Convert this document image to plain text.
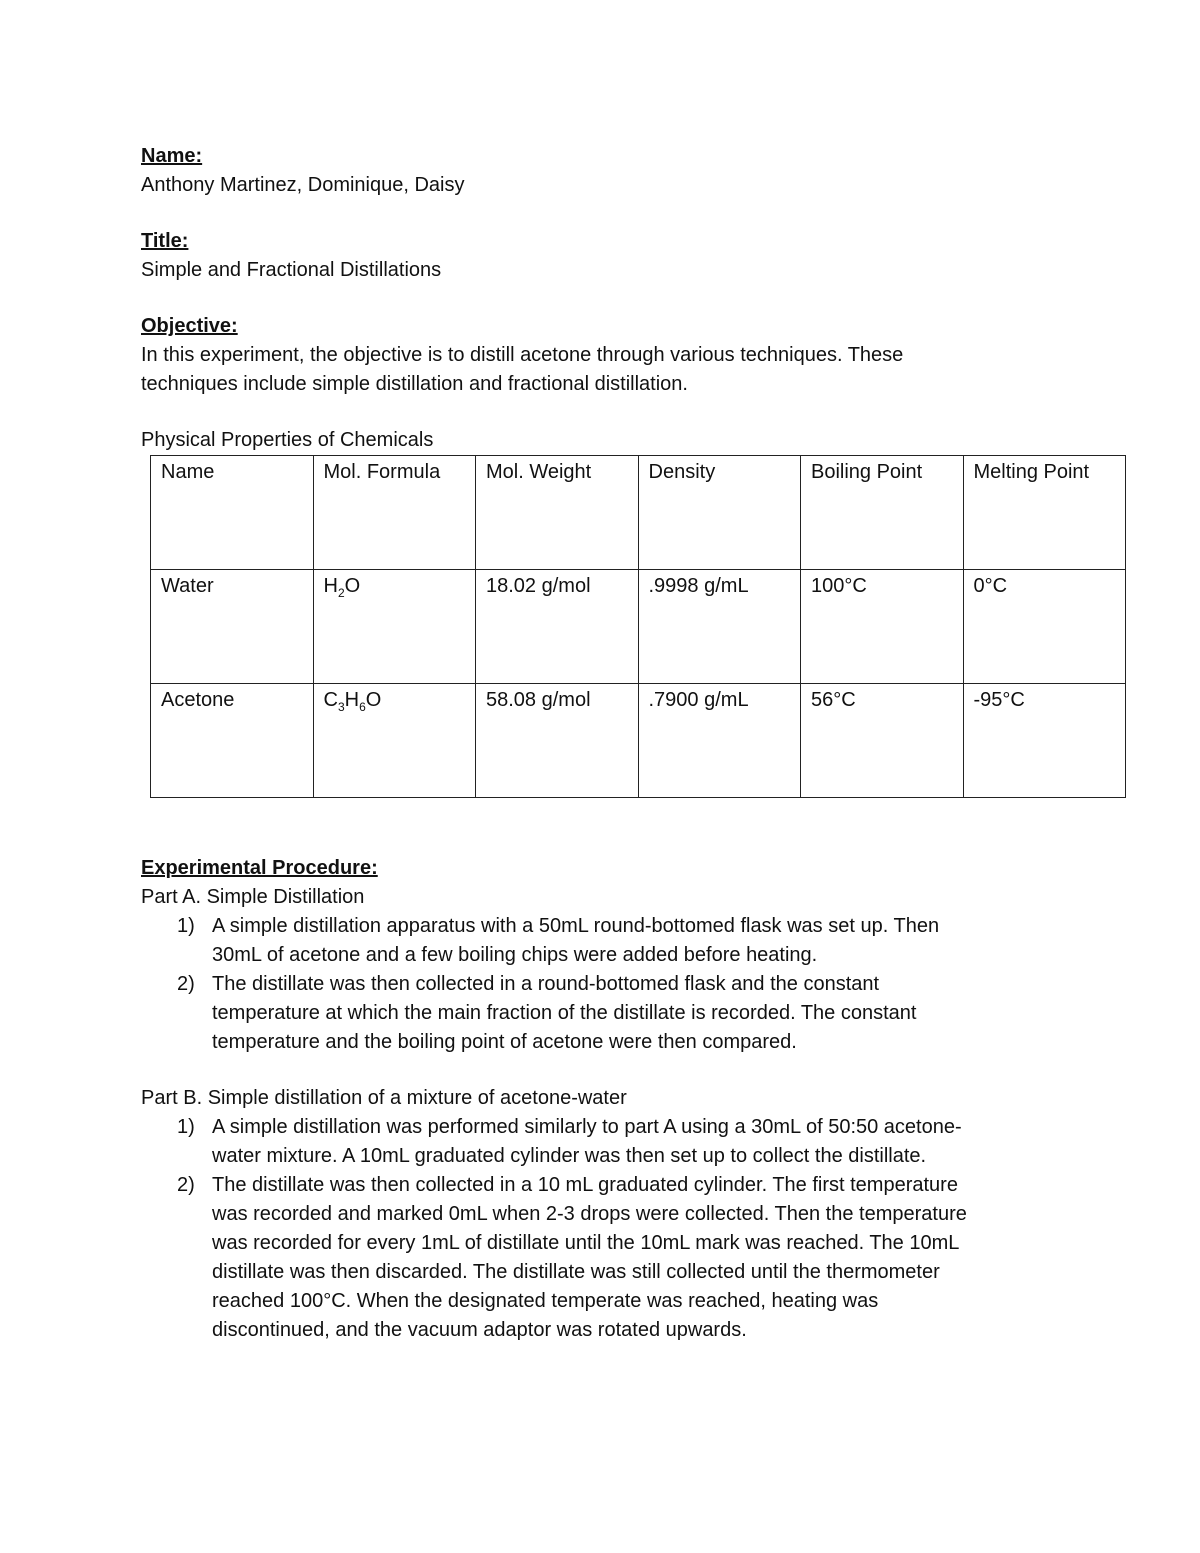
Name:
Anthony Martinez, Dominique, Daisy
Title:
Simple and Fractional Distillations
Objective:
In this experiment, the objective is to distill acetone through various techniques. These
techniques include simple distillation and fractional distillation.
Physical Properties of Chemicals
Name	Mol. Formula	Mol. Weight	Density	Boiling Point	Melting Point
Water	$H_2O$	18.02 g/mol	.9998 g/mL	100°C	0°C
Acetone	$C_3H_6O$	58.08 g/mol	.7900 g/mL	56°C	-95°C
Experimental Procedure:
Part A. Simple Distillation
1) A simple distillation apparatus with a 50mL round-bottomed flask was set up. Then
30mL of acetone and a few boiling chips were added before heating.
2) The distillate was then collected in a round-bottomed flask and the constant
temperature at which the main fraction of the distillate is recorded. The constant
temperature and the boiling point of acetone were then compared.
Part B. Simple distillation of a mixture of acetone-water
1) A simple distillation was performed similarly to part A using a 30mL of 50:50 acetone-
water mixture. A 10mL graduated cylinder was then set up to collect the distillate.
2) The distillate was then collected in a 10 mL graduated cylinder. The first temperature
was recorded and marked 0mL when 2-3 drops were collected. Then the temperature
was recorded for every 1mL of distillate until the 10mL mark was reached. The 10mL
distillate was then discarded. The distillate was still collected until the thermometer
reached 100°C. When the designated temperate was reached, heating was
discontinued, and the vacuum adaptor was rotated upwards.
